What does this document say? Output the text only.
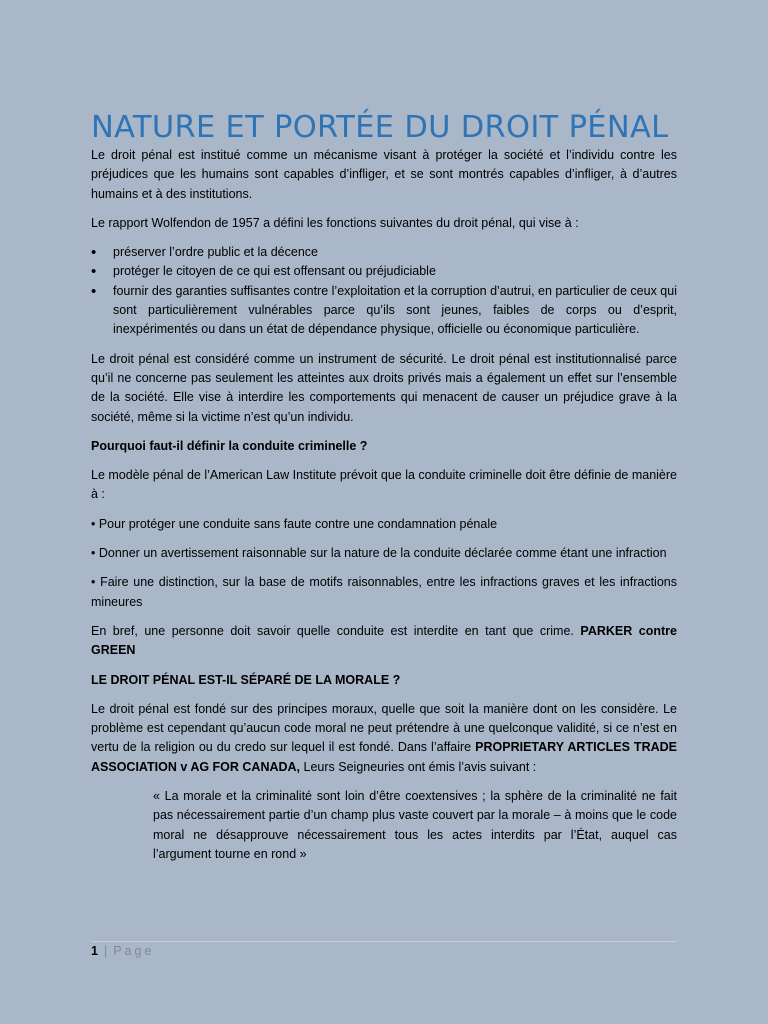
NATURE ET PORTÉE DU DROIT PÉNAL

Le droit pénal est institué comme un mécanisme visant à protéger la société et l’individu contre les préjudices que les humains sont capables d’infliger, et se sont montrés capables d’infliger, à d’autres humains et à des institutions.

Le rapport Wolfendon de 1957 a défini les fonctions suivantes du droit pénal, qui vise à :

• préserver l’ordre public et la décence
• protéger le citoyen de ce qui est offensant ou préjudiciable
• fournir des garanties suffisantes contre l’exploitation et la corruption d’autrui, en particulier de ceux qui sont particulièrement vulnérables parce qu’ils sont jeunes, faibles de corps ou d’esprit, inexpérimentés ou dans un état de dépendance physique, officielle ou économique particulière.

Le droit pénal est considéré comme un instrument de sécurité. Le droit pénal est institutionnalisé parce qu’il ne concerne pas seulement les atteintes aux droits privés mais a également un effet sur l’ensemble de la société. Elle vise à interdire les comportements qui menacent de causer un préjudice grave à la société, même si la victime n’est qu’un individu.

Pourquoi faut-il définir la conduite criminelle ?

Le modèle pénal de l’American Law Institute prévoit que la conduite criminelle doit être définie de manière à :

• Pour protéger une conduite sans faute contre une condamnation pénale

• Donner un avertissement raisonnable sur la nature de la conduite déclarée comme étant une infraction

• Faire une distinction, sur la base de motifs raisonnables, entre les infractions graves et les infractions mineures

En bref, une personne doit savoir quelle conduite est interdite en tant que crime. PARKER contre GREEN

LE DROIT PÉNAL EST-IL SÉPARÉ DE LA MORALE ?

Le droit pénal est fondé sur des principes moraux, quelle que soit la manière dont on les considère. Le problème est cependant qu’aucun code moral ne peut prétendre à une quelconque validité, si ce n’est en vertu de la religion ou du credo sur lequel il est fondé. Dans l’affaire PROPRIETARY ARTICLES TRADE ASSOCIATION v AG FOR CANADA, Leurs Seigneuries ont émis l’avis suivant :

« La morale et la criminalité sont loin d’être coextensives ; la sphère de la criminalité ne fait pas nécessairement partie d’un champ plus vaste couvert par la morale – à moins que le code moral ne désapprouve nécessairement tous les actes interdits par l’État, auquel cas l’argument tourne en rond »

1 | Page
